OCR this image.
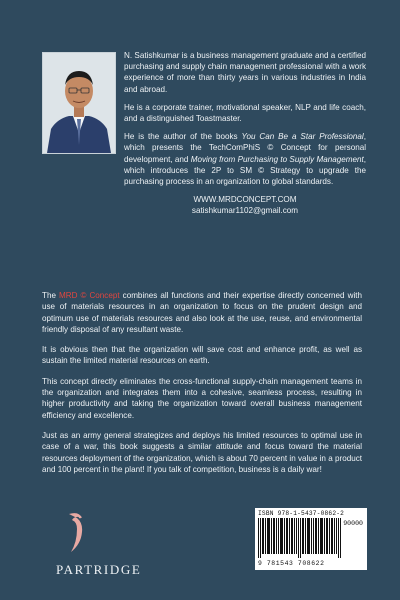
N. Satishkumar is a business management graduate and a certified purchasing and supply chain management professional with a work experience of more than thirty years in various industries in India and abroad.

He is a corporate trainer, motivational speaker, NLP and life coach, and a distinguished Toastmaster.

He is the author of the books You Can Be a Star Professional, which presents the TechComPhiS © Concept for personal development, and Moving from Purchasing to Supply Management, which introduces the 2P to SM © Strategy to upgrade the purchasing process in an organization to global standards.

WWW.MRDCONCEPT.COM
satishkumar1102@gmail.com

The MRD © Concept combines all functions and their expertise directly concerned with use of materials resources in an organization to focus on the prudent design and optimum use of materials resources and also look at the use, reuse, and environmental friendly disposal of any resultant waste.

It is obvious then that the organization will save cost and enhance profit, as well as sustain the limited material resources on earth.

This concept directly eliminates the cross-functional supply-chain management teams in the organization and integrates them into a cohesive, seamless process, resulting in higher productivity and taking the organization toward overall business management efficiency and excellence.

Just as an army general strategizes and deploys his limited resources to optimal use in case of a war, this book suggests a similar attitude and focus toward the material resources deployment of the organization, which is about 70 percent in value in a product and 100 percent in the plant! If you talk of competition, business is a daily war!

PARTRIDGE
ISBN 978-1-5437-0862-2
90000
9 781543 708622
